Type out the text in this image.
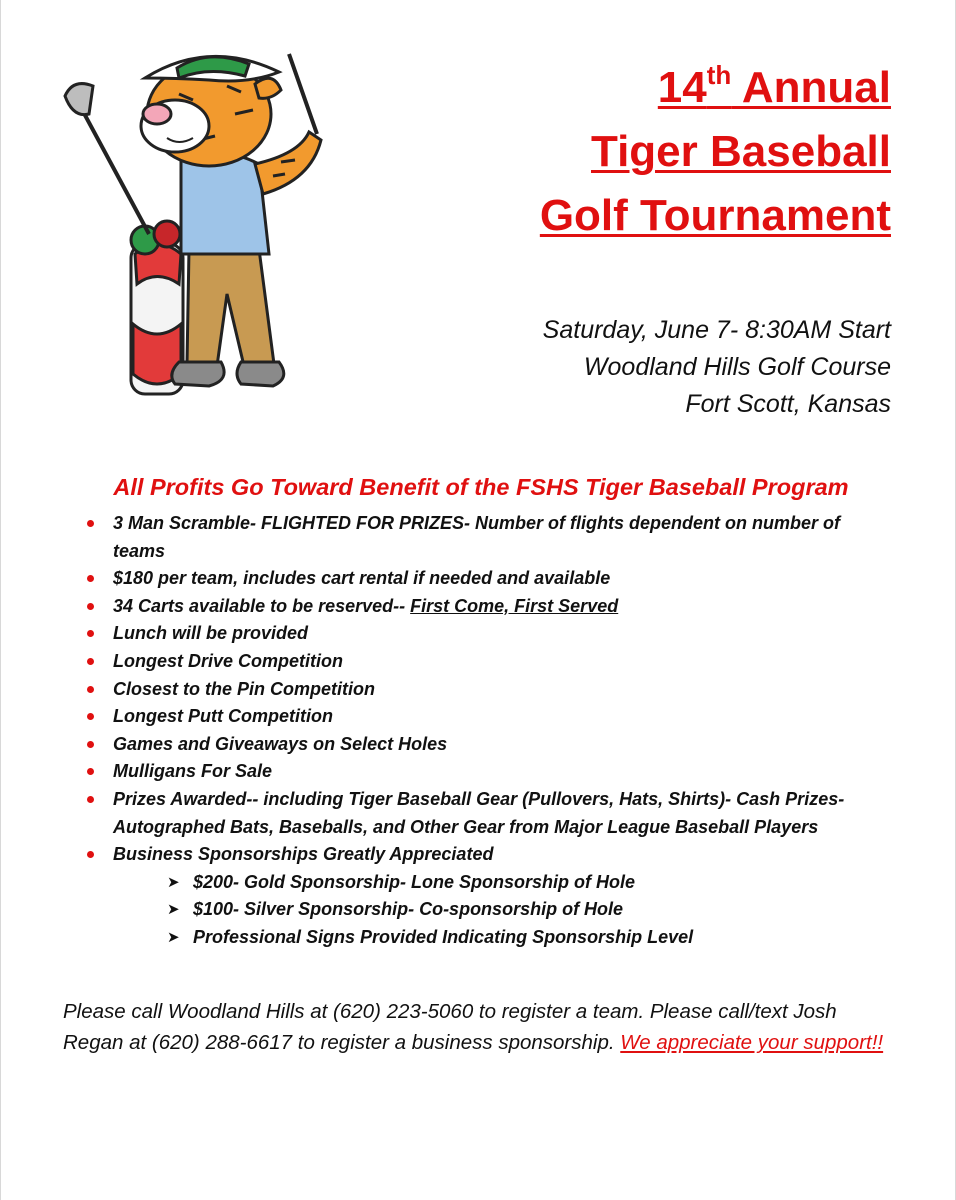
14th Annual
Tiger Baseball
Golf Tournament
Saturday, June 7- 8:30AM Start
Woodland Hills Golf Course
Fort Scott, Kansas
All Profits Go Toward Benefit of the FSHS Tiger Baseball Program
3 Man Scramble- FLIGHTED FOR PRIZES- Number of flights dependent on number of teams
$180 per team, includes cart rental if needed and available
34 Carts available to be reserved-- First Come, First Served
Lunch will be provided
Longest Drive Competition
Closest to the Pin Competition
Longest Putt Competition
Games and Giveaways on Select Holes
Mulligans For Sale
Prizes Awarded-- including Tiger Baseball Gear (Pullovers, Hats, Shirts)- Cash Prizes- Autographed Bats, Baseballs, and Other Gear from Major League Baseball Players
Business Sponsorships Greatly Appreciated
➤ $200- Gold Sponsorship- Lone Sponsorship of Hole
➤ $100- Silver Sponsorship- Co-sponsorship of Hole
➤ Professional Signs Provided Indicating Sponsorship Level
Please call Woodland Hills at (620) 223-5060 to register a team. Please call/text Josh Regan at (620) 288-6617 to register a business sponsorship. We appreciate your support!!
